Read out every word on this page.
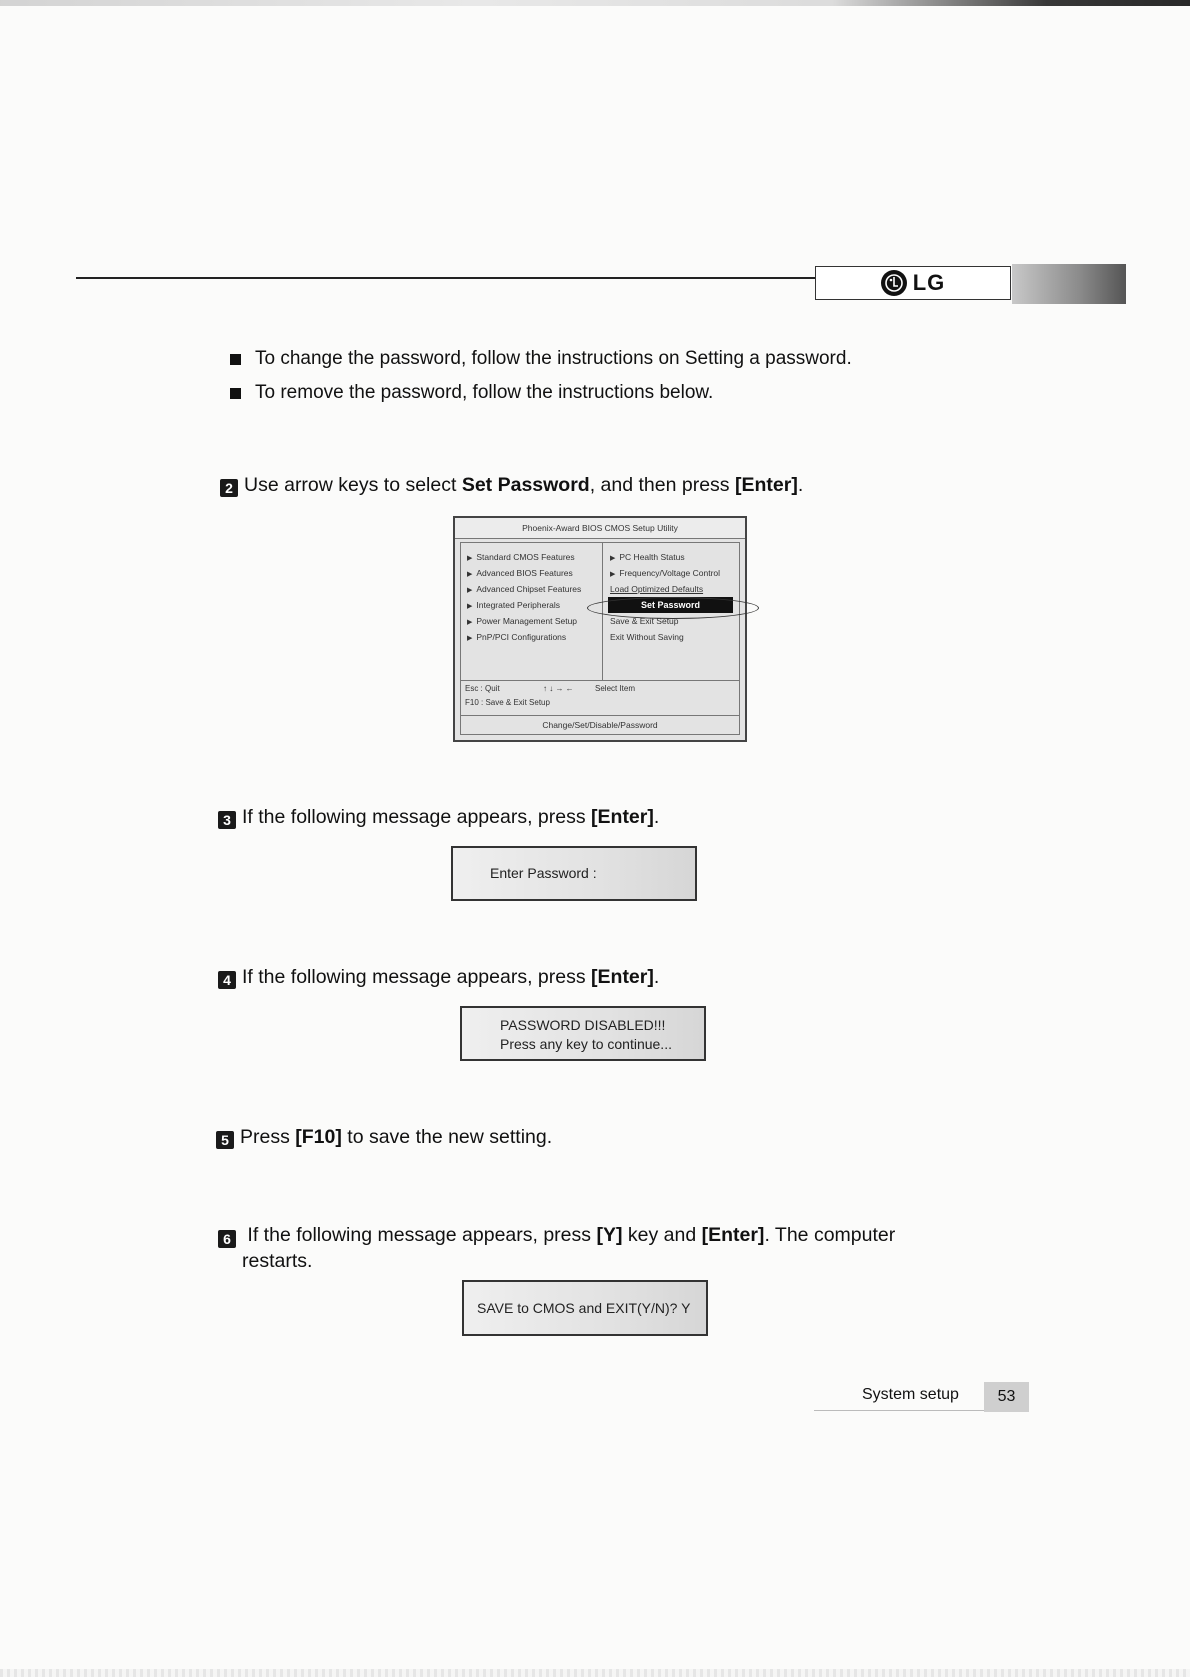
LG
To change the password, follow the instructions on Setting a password.
To remove the password, follow the instructions below.
2 Use arrow keys to select Set Password, and then press [Enter].
Phoenix-Award BIOS CMOS Setup Utility
▶ Standard CMOS Features
▶ Advanced BIOS Features
▶ Advanced Chipset Features
▶ Integrated Peripherals
▶ Power Management Setup
▶ PnP/PCI Configurations
▶ PC Health Status
▶ Frequency/Voltage Control
Load Optimized Defaults
Set Password
Save & Exit Setup
Exit Without Saving
Esc : Quit	↑ ↓ → ←	Select Item
F10 : Save & Exit Setup
Change/Set/Disable/Password
3 If the following message appears, press [Enter].
Enter Password :
4 If the following message appears, press [Enter].
PASSWORD DISABLED!!!
Press any key to continue...
5 Press [F10] to save the new setting.
6 If the following message appears, press [Y] key and [Enter]. The computer
restarts.
SAVE to CMOS and EXIT(Y/N)? Y
System setup	53
